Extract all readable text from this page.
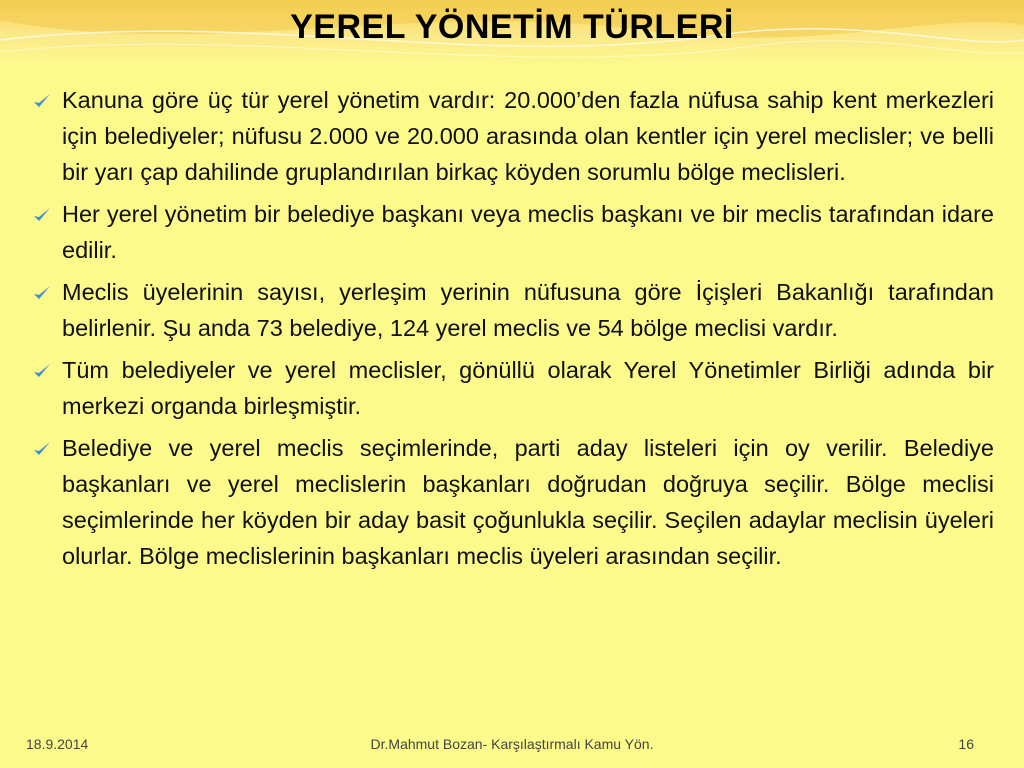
YEREL YÖNETİM TÜRLERİ
Kanuna göre üç tür yerel yönetim vardır: 20.000’den fazla nüfusa sahip kent merkezleri için belediyeler; nüfusu 2.000 ve 20.000 arasında olan kentler için yerel meclisler; ve belli bir yarı çap dahilinde gruplandırılan birkaç köyden sorumlu bölge meclisleri.
Her yerel yönetim bir belediye başkanı veya meclis başkanı ve bir meclis tarafından idare edilir.
Meclis üyelerinin sayısı, yerleşim yerinin nüfusuna göre İçişleri Bakanlığı tarafından belirlenir. Şu anda 73 belediye, 124 yerel meclis ve 54 bölge meclisi vardır.
Tüm belediyeler ve yerel meclisler, gönüllü olarak Yerel Yönetimler Birliği adında bir merkezi organda birleşmiştir.
Belediye ve yerel meclis seçimlerinde, parti aday listeleri için oy verilir. Belediye başkanları ve yerel meclislerin başkanları doğrudan doğruya seçilir. Bölge meclisi seçimlerinde her köyden bir aday basit çoğunlukla seçilir. Seçilen adaylar meclisin üyeleri olurlar. Bölge meclislerinin başkanları meclis üyeleri arasından seçilir.
18.9.2014	Dr.Mahmut Bozan- Karşılaştırmalı Kamu Yön.	16
